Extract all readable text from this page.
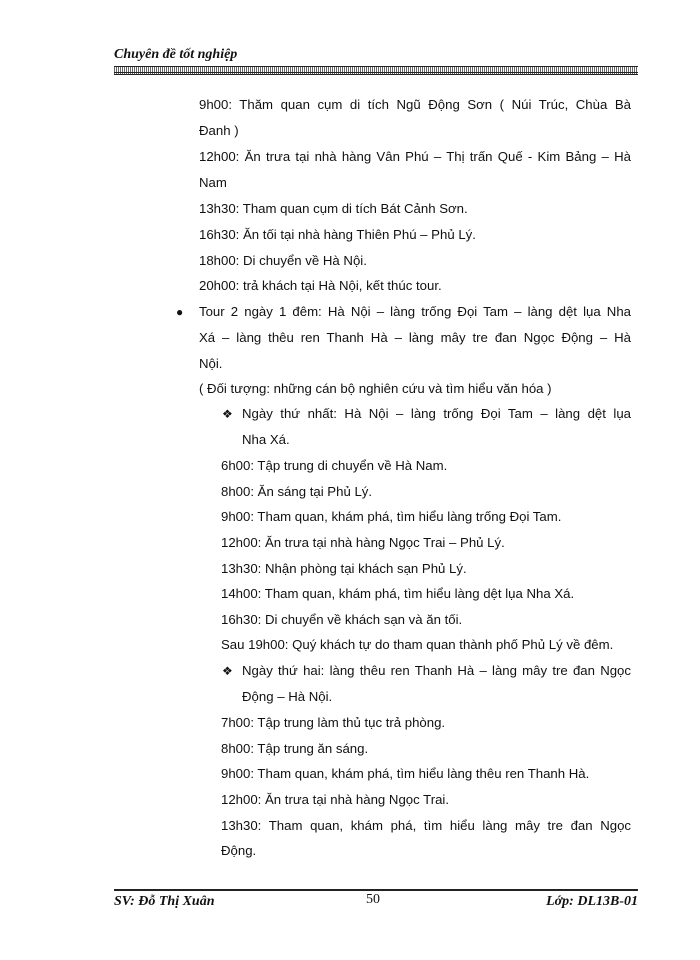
Chuyên đề tốt nghiệp
9h00: Thăm quan cụm di tích Ngũ Động Sơn ( Núi Trúc, Chùa Bà
Đanh )
12h00: Ăn trưa tại nhà hàng Vân Phú – Thị trấn Quế - Kim Bảng – Hà
Nam
13h30: Tham quan cụm di tích Bát Cảnh Sơn.
16h30: Ăn tối tại nhà hàng Thiên Phú – Phủ Lý.
18h00: Di chuyển về Hà Nội.
20h00: trả khách tại Hà Nội, kết thúc tour.
● Tour 2 ngày 1 đêm: Hà Nội – làng trống Đọi Tam – làng dệt lụa Nha
Xá – làng thêu ren Thanh Hà – làng mây tre đan Ngọc Động – Hà
Nội.
( Đối tượng: những cán bộ nghiên cứu và tìm hiểu văn hóa )
❖ Ngày thứ nhất: Hà Nội – làng trống Đọi Tam – làng dệt lụa
Nha Xá.
6h00: Tập trung di chuyển về Hà Nam.
8h00: Ăn sáng tại Phủ Lý.
9h00: Tham quan, khám phá, tìm hiểu làng trống Đọi Tam.
12h00: Ăn trưa tại nhà hàng Ngọc Trai – Phủ Lý.
13h30: Nhận phòng tại khách sạn Phủ Lý.
14h00: Tham quan, khám phá, tìm hiểu làng dệt lụa Nha Xá.
16h30: Di chuyển về khách sạn và ăn tối.
Sau 19h00: Quý khách tự do tham quan thành phố Phủ Lý về đêm.
❖ Ngày thứ hai: làng thêu ren Thanh Hà – làng mây tre đan Ngọc
Động – Hà Nội.
7h00: Tập trung làm thủ tục trả phòng.
8h00: Tập trung ăn sáng.
9h00: Tham quan, khám phá, tìm hiểu làng thêu ren Thanh Hà.
12h00: Ăn trưa tại nhà hàng Ngọc Trai.
13h30: Tham quan, khám phá, tìm hiểu làng mây tre đan Ngọc
Động.
SV: Đỗ Thị Xuân	50	Lớp: DL13B-01
